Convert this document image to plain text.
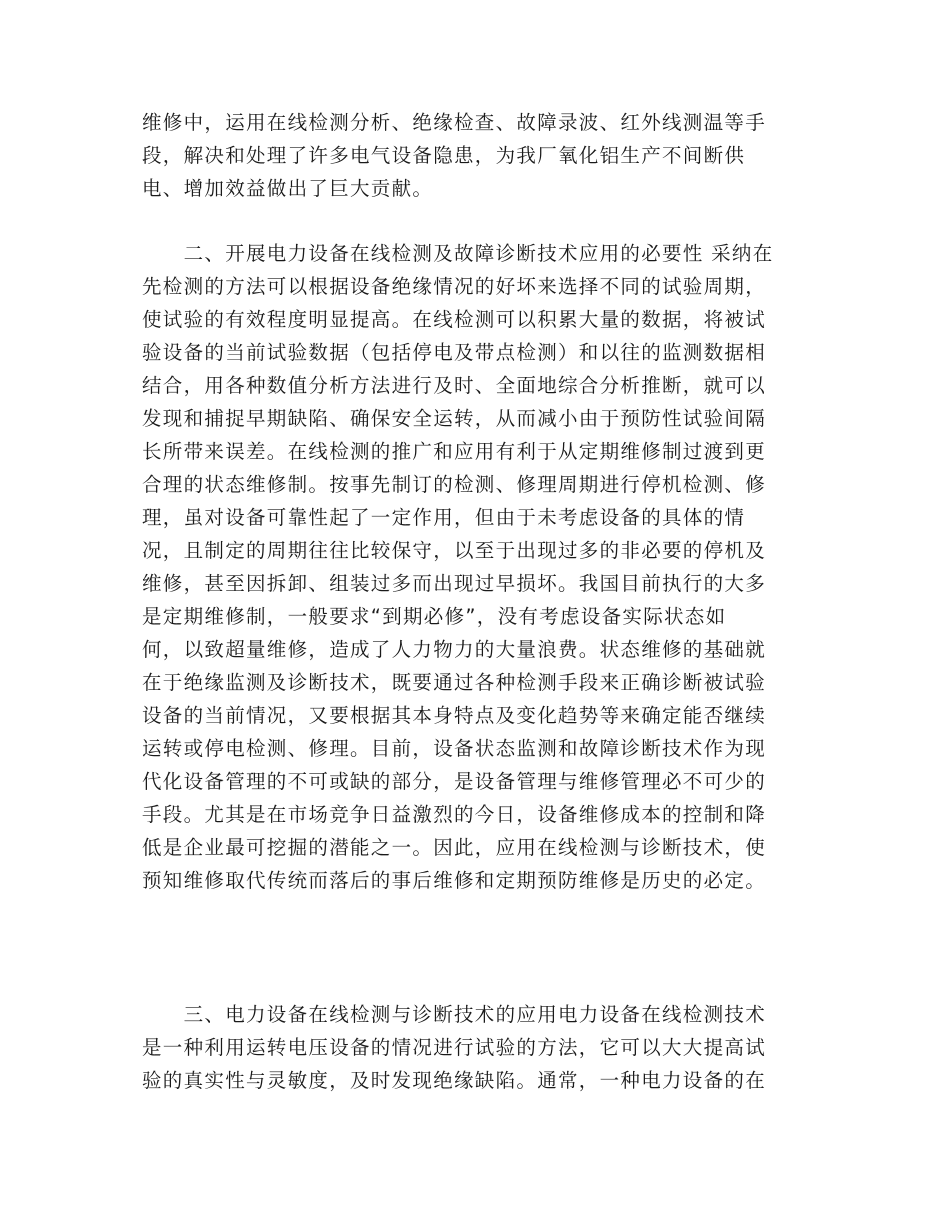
维修中，运用在线检测分析、绝缘检查、故障录波、红外线测温等手
段，解决和处理了许多电气设备隐患，为我厂氧化铝生产不间断供
电、增加效益做出了巨大贡献。
　　二、开展电力设备在线检测及故障诊断技术应用的必要性 采纳在
先检测的方法可以根据设备绝缘情况的好坏来选择不同的试验周期，
使试验的有效程度明显提高。在线检测可以积累大量的数据，将被试
验设备的当前试验数据（包括停电及带点检测）和以往的监测数据相
结合，用各种数值分析方法进行及时、全面地综合分析推断，就可以
发现和捕捉早期缺陷、确保安全运转，从而减小由于预防性试验间隔
长所带来误差。在线检测的推广和应用有利于从定期维修制过渡到更
合理的状态维修制。按事先制订的检测、修理周期进行停机检测、修
理，虽对设备可靠性起了一定作用，但由于未考虑设备的具体的情
况，且制定的周期往往比较保守，以至于出现过多的非必要的停机及
维修，甚至因拆卸、组装过多而出现过早损坏。我国目前执行的大多
是定期维修制，一般要求“到期必修”，没有考虑设备实际状态如
何，以致超量维修，造成了人力物力的大量浪费。状态维修的基础就
在于绝缘监测及诊断技术，既要通过各种检测手段来正确诊断被试验
设备的当前情况，又要根据其本身特点及变化趋势等来确定能否继续
运转或停电检测、修理。目前，设备状态监测和故障诊断技术作为现
代化设备管理的不可或缺的部分，是设备管理与维修管理必不可少的
手段。尤其是在市场竞争日益激烈的今日，设备维修成本的控制和降
低是企业最可挖掘的潜能之一。因此，应用在线检测与诊断技术，使
预知维修取代传统而落后的事后维修和定期预防维修是历史的必定。
　　三、电力设备在线检测与诊断技术的应用电力设备在线检测技术
是一种利用运转电压设备的情况进行试验的方法，它可以大大提高试
验的真实性与灵敏度，及时发现绝缘缺陷。通常，一种电力设备的在
